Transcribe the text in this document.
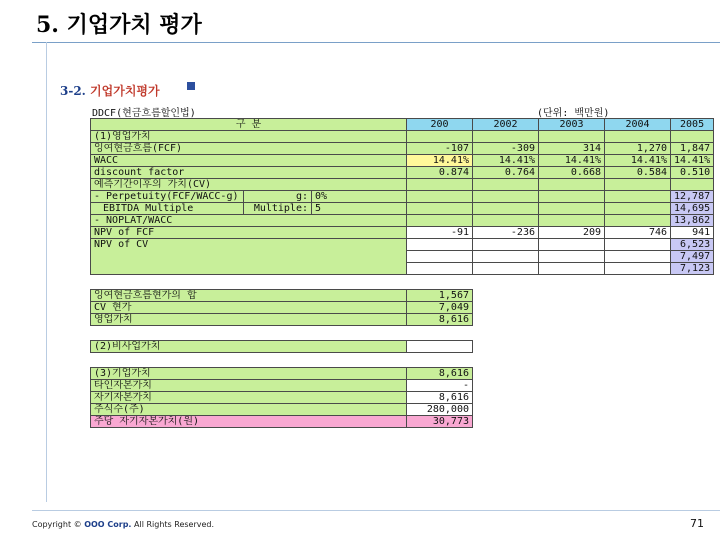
5. 기업가치 평가
3-2. 기업가치평가
DDCF(현금흐름할인법)	(단위: 백만원)
구 분			200	2002	2003	2004	2005
(1)영업가치							
잉여현금흐름(FCF)			-107	-309	314	1,270	1,847
WACC			14.41%	14.41%	14.41%	14.41%	14.41%
discount factor			0.874	0.764	0.668	0.584	0.510
예측기간이후의 가치(CV)							
- Perpetuity(FCF/WACC-g)	g:	0%					12,787
EBITDA Multiple	Multiple:	5					14,695
- NOPLAT/WACC							13,862
NPV of FCF			-91	-236	209	746	941
NPV of CV							6,523
							7,497
							7,123

잉여현금흐름현가의 합			1,567				
CV 현가			7,049				
영업가치			8,616				

(2)비사업가치							

(3)기업가치			8,616				
타인자본가치			-				
자기자본가치			8,616				
주식수(주)			280,000				
주당 자기자본가치(원)			30,773				
Copyright © OOO Corp. All Rights Reserved.	71
